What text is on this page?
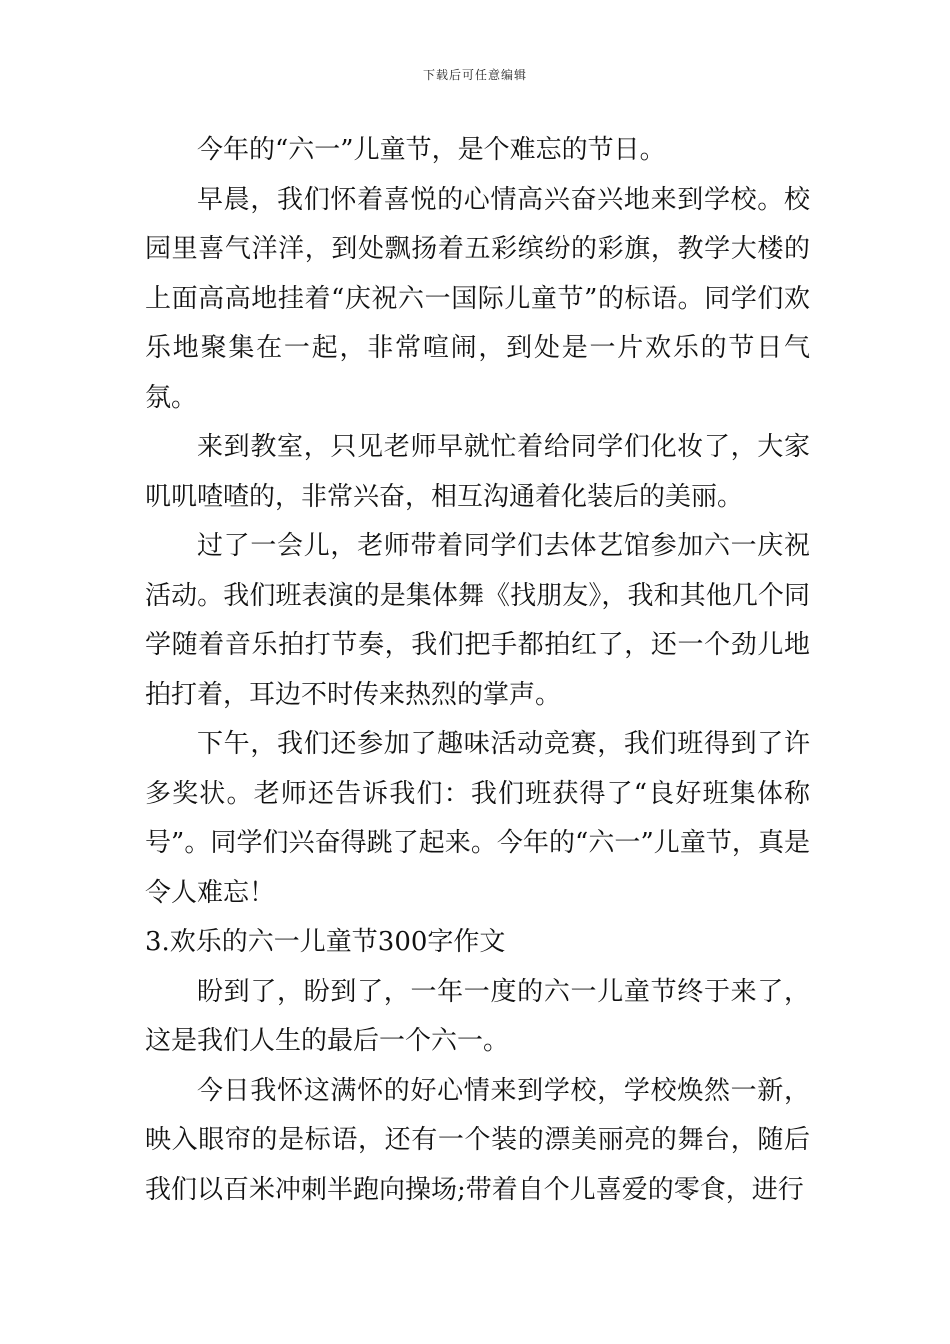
下载后可任意编辑

今年的“六一”儿童节，是个难忘的节日。

早晨，我们怀着喜悦的心情高兴奋兴地来到学校。校园里喜气洋洋，到处飘扬着五彩缤纷的彩旗，教学大楼的上面高高地挂着“庆祝六一国际儿童节”的标语。同学们欢乐地聚集在一起，非常喧闹，到处是一片欢乐的节日气氛。

来到教室，只见老师早就忙着给同学们化妆了，大家叽叽喳喳的，非常兴奋，相互沟通着化装后的美丽。

过了一会儿，老师带着同学们去体艺馆参加六一庆祝活动。我们班表演的是集体舞《找朋友》，我和其他几个同学随着音乐拍打节奏，我们把手都拍红了，还一个劲儿地拍打着，耳边不时传来热烈的掌声。

下午，我们还参加了趣味活动竞赛，我们班得到了许多奖状。老师还告诉我们：我们班获得了“良好班集体称号”。同学们兴奋得跳了起来。今年的“六一”儿童节，真是令人难忘！

3.欢乐的六一儿童节300字作文

盼到了，盼到了，一年一度的六一儿童节终于来了，这是我们人生的最后一个六一。

今日我怀这满怀的好心情来到学校，学校焕然一新，映入眼帘的是标语，还有一个装的漂美丽亮的舞台，随后我们以百米冲刺半跑向操场;带着自个儿喜爱的零食，进行
